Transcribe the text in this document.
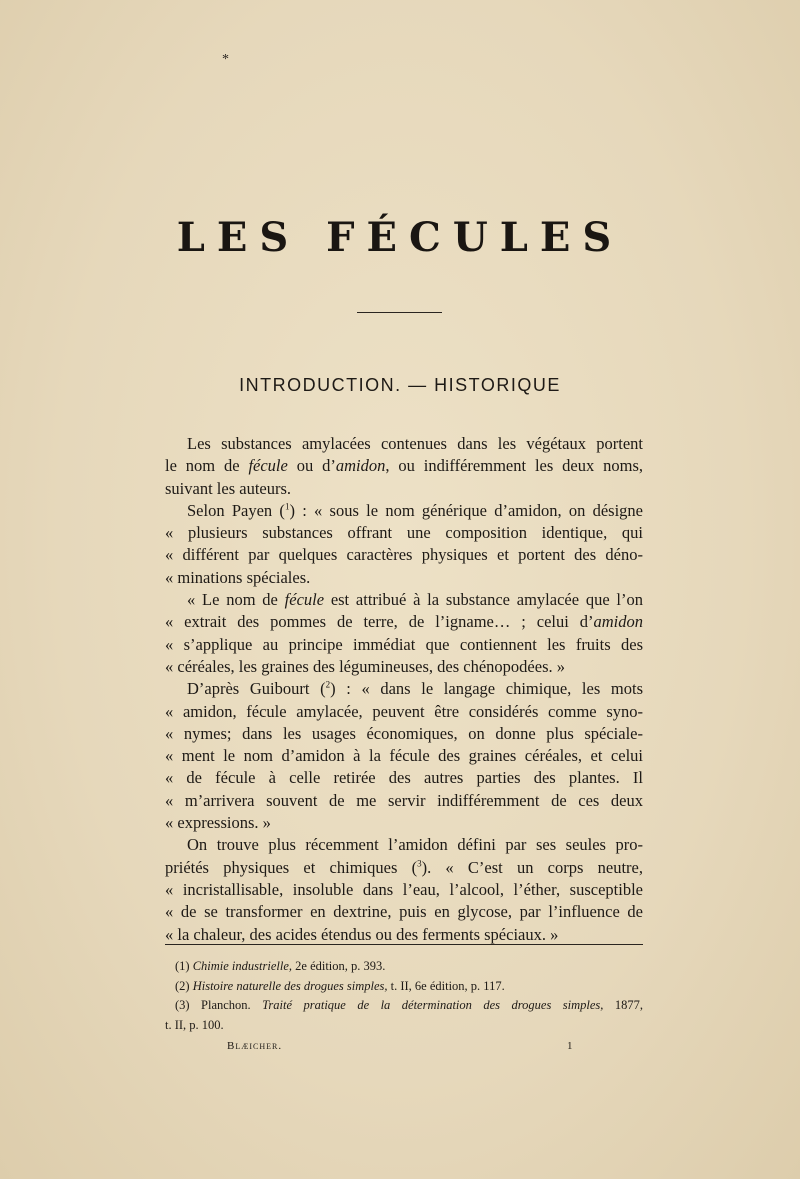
*
LES FÉCULES
INTRODUCTION. — HISTORIQUE
Les substances amylacées contenues dans les végétaux portent
le nom de fécule ou d’amidon, ou indifféremment les deux noms,
suivant les auteurs.
Selon Payen ($^1$) : « sous le nom générique d’amidon, on désigne
« plusieurs substances offrant une composition identique, qui
« différent par quelques caractères physiques et portent des déno-
« minations spéciales.
« Le nom de fécule est attribué à la substance amylacée que l’on
« extrait des pommes de terre, de l’igname… ; celui d’amidon
« s’applique au principe immédiat que contiennent les fruits des
« céréales, les graines des légumineuses, des chénopodées. »
D’après Guibourt ($^2$) : « dans le langage chimique, les mots
« amidon, fécule amylacée, peuvent être considérés comme syno-
« nymes; dans les usages économiques, on donne plus spéciale-
« ment le nom d’amidon à la fécule des graines céréales, et celui
« de fécule à celle retirée des autres parties des plantes. Il
« m’arrivera souvent de me servir indifféremment de ces deux
« expressions. »
On trouve plus récemment l’amidon défini par ses seules pro-
priétés physiques et chimiques ($^3$). « C’est un corps neutre,
« incristallisable, insoluble dans l’eau, l’alcool, l’éther, susceptible
« de se transformer en dextrine, puis en glycose, par l’influence de
« la chaleur, des acides étendus ou des ferments spéciaux. »
(1) Chimie industrielle, 2e édition, p. 393.
(2) Histoire naturelle des drogues simples, t. II, 6e édition, p. 117.
(3) Planchon. Traité pratique de la détermination des drogues simples, 1877,
t. II, p. 100.
Blæicher.	1
